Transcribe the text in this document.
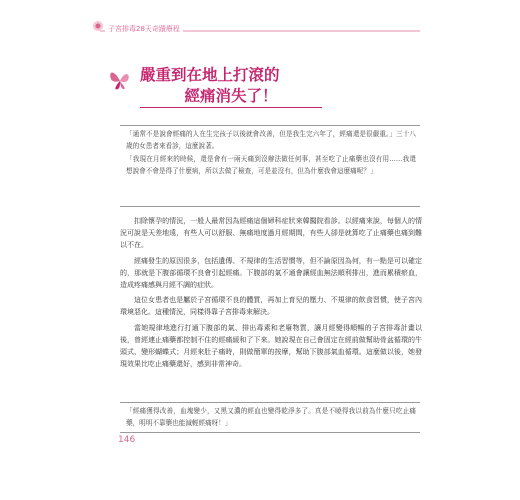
子宮排毒28天奇蹟療程
嚴重到在地上打滾的
經痛消失了！

「通常不是說會經痛的人在生完孩子以後就會改善，但是我生完六年了，經痛還是很嚴重。」三十八歲的女患者來看診，這麼說著。

「我現在月經來的時候，還是會有一兩天痛到沒辦法做任何事，甚至吃了止痛藥也沒有用……我還想說會不會是得了什麼病，所以去做了檢查，可是並沒有，但為什麼我會這麼痛呢？」

扣除懷孕的情況，一般人最常因為經痛這個婦科症狀來韓醫院看診。以經痛來說，每個人的情況可說是天差地遠，有些人可以舒服、無痛地度過月經期間，有些人卻是就算吃了止痛藥也痛到難以不在。

經痛發生的原因很多，包括遺傳、不規律的生活習慣等，但不論原因為何，有一點是可以確定的，那就是下腹部循環不良會引起經痛。下腹部的氣不通會讓經血無法順利排出，進而累積瘀血，造成疼痛感與月經不調的症狀。

這位女患者也是屬於子宮循環不良的體質，再加上育兒的壓力、不規律的飲食習慣，使子宮內環境惡化。這種情況，同樣得靠子宮排毒來解決。

當她規律地進行打通下腹部的氣、排出毒素和老廢物質，讓月經變得順暢的子宮排毒計畫以後，曾經連止痛藥都控制不住的經痛緩和了下來。她說現在自己會固定在經前做幫助骨盆循環的牛頭式、變形蝴蝶式；月經來肚子痛時，則做簡單的按摩，幫助下腹部氣血循環。這麼做以後，她發現效果比吃止痛藥還好，感到非常神奇。

「經痛獲得改善，血塊變少，又黑又濃的經血也變得乾淨多了。真是不曉得我以前為什麼只吃止痛藥，明明不靠藥也能減輕經痛呀！」

146
